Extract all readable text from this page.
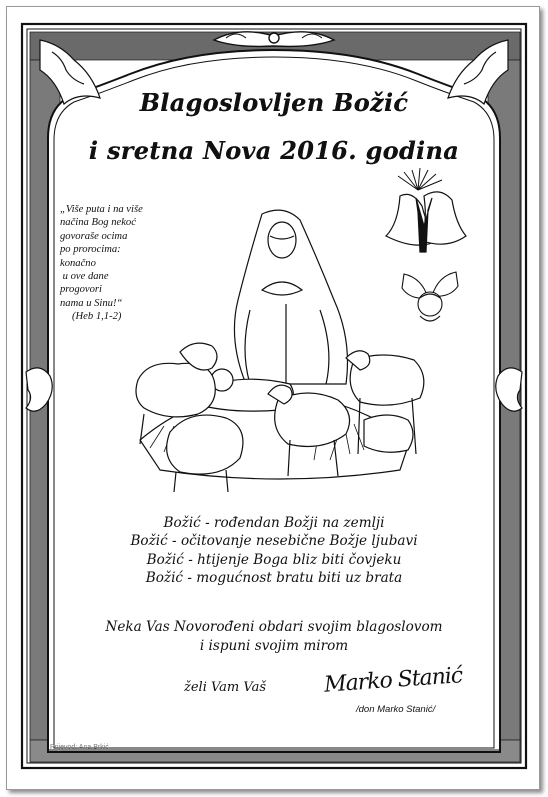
Blagoslovljen Božić
i sretna Nova 2016. godina
„Više puta i na više
načina Bog nekoć
govoraše ocima
po prorocima:
konačno
u ove dane
progovori
nama u Sinu!“
(Heb 1,1-2)
Božić - rođendan Božji na zemlji
Božić - očitovanje nesebične Božje ljubavi
Božić - htijenje Boga bliz biti čovjeku
Božić - mogućnost bratu biti uz brata
Neka Vas Novorođeni obdari svojim blagoslovom
i ispuni svojim mirom
želi Vam Vaš	Marko Stanić
/don Marko Stanić/
Prijevod: Ana Brkić
